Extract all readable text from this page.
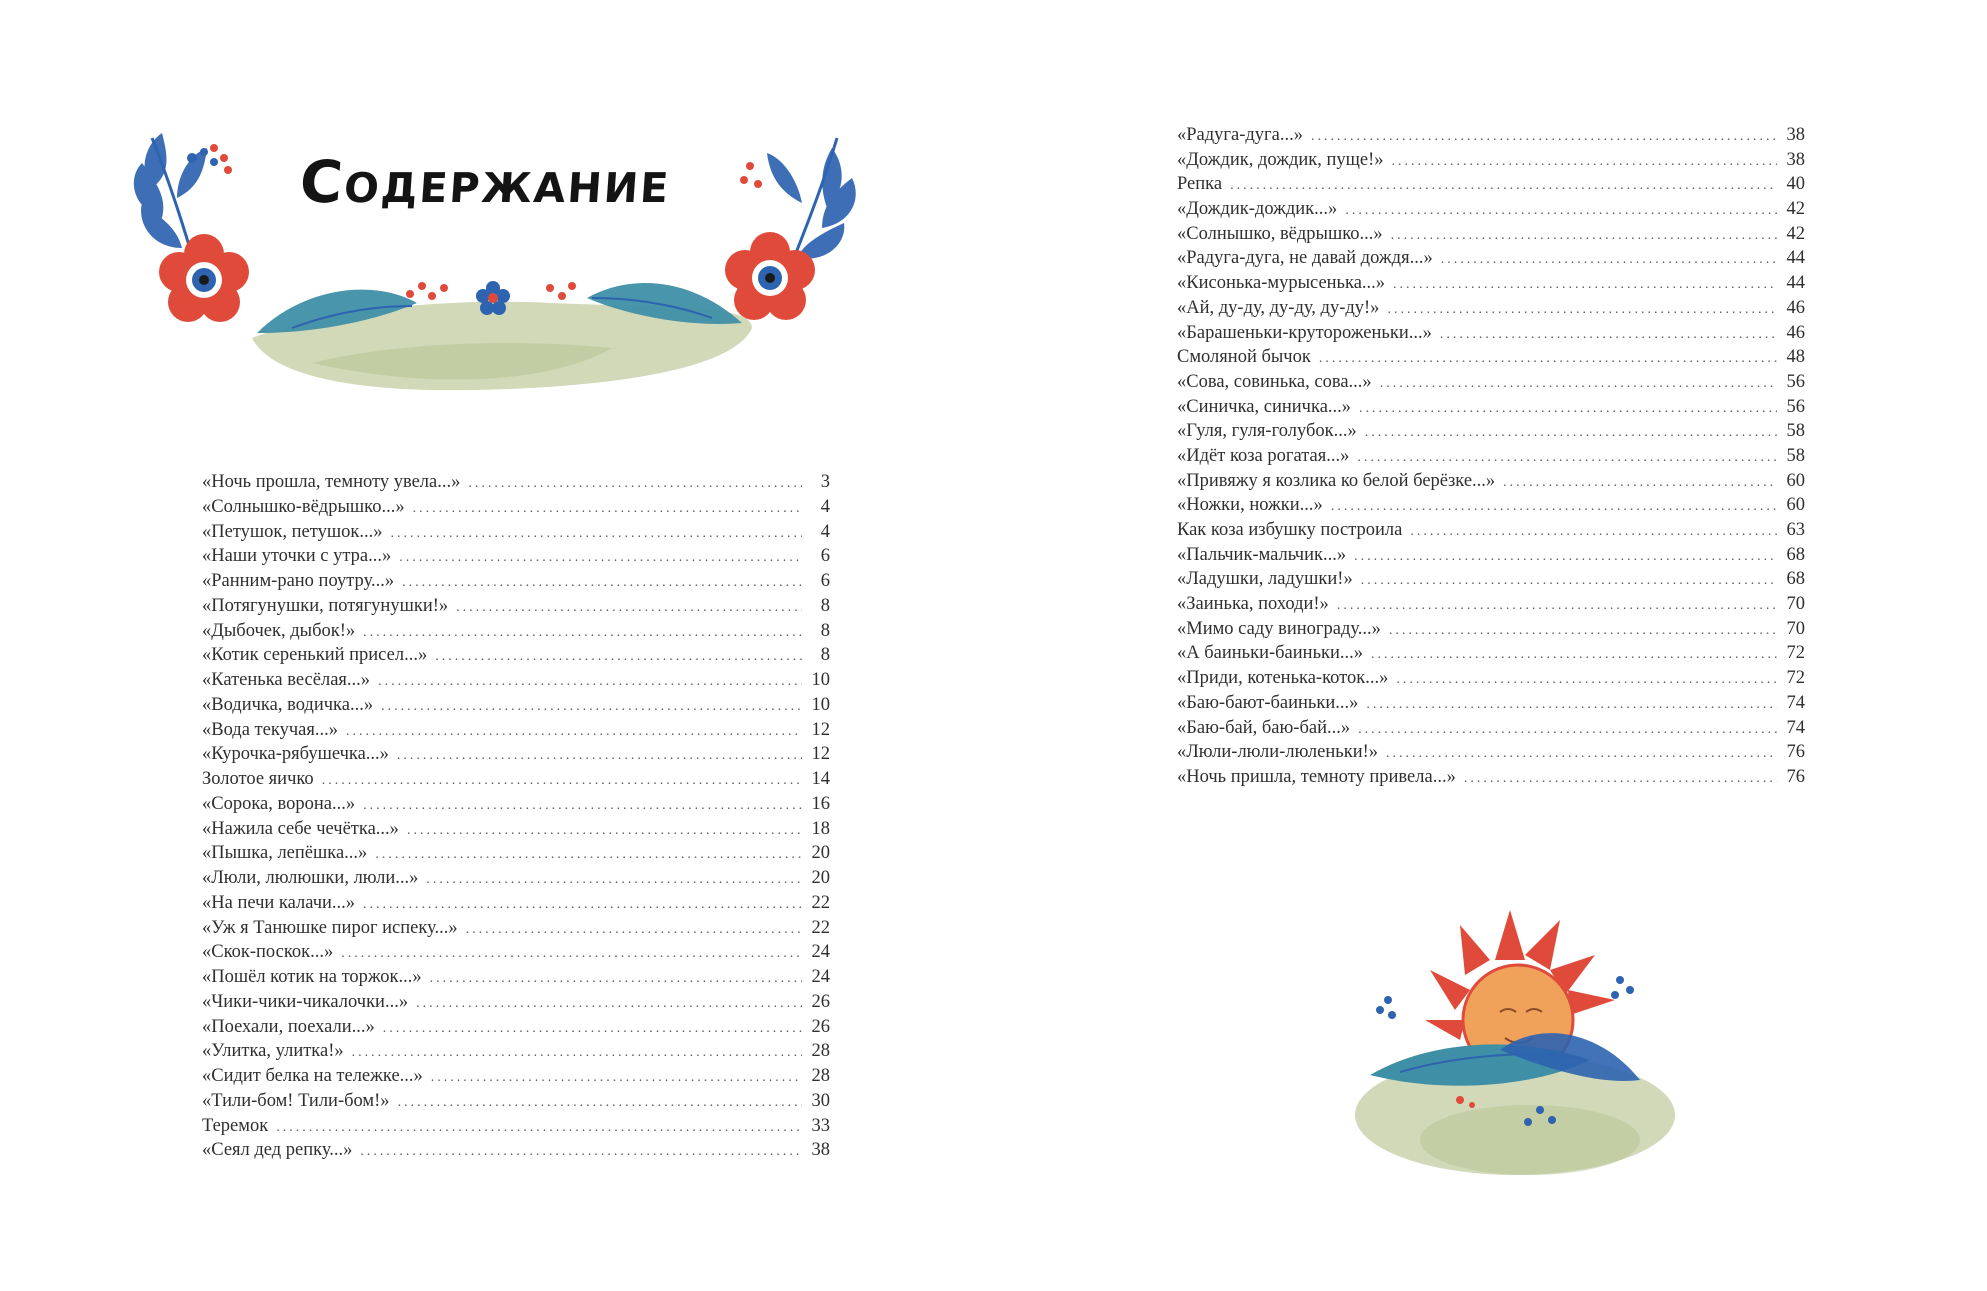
Содержание
«Ночь прошла, темноту увела...» .....	3
«Солнышко-вёдрышко...» .....	4
«Петушок, петушок...» .....	4
«Наши уточки с утра...» .....	6
«Ранним-рано поутру...» .....	6
«Потягунушки, потягунушки!» .....	8
«Дыбочек, дыбок!» .....	8
«Котик серенький присел...» .....	8
«Катенька весёлая...» .....	10
«Водичка, водичка...» .....	10
«Вода текучая...» .....	12
«Курочка-рябушечка...» .....	12
Золотое яичко .....	14
«Сорока, ворона...» .....	16
«Нажила себе чечётка...» .....	18
«Пышка, лепёшка...» .....	20
«Люли, люлюшки, люли...» .....	20
«На печи калачи...» .....	22
«Уж я Танюшке пирог испеку...» .....	22
«Скок-поскок...» .....	24
«Пошёл котик на торжок...» .....	24
«Чики-чики-чикалочки...» .....	26
«Поехали, поехали...» .....	26
«Улитка, улитка!» .....	28
«Сидит белка на тележке...» .....	28
«Тили-бом! Тили-бом!» .....	30
Теремок .....	33
«Сеял дед репку...» .....	38
«Радуга-дуга...» .....	38
«Дождик, дождик, пуще!» .....	38
Репка .....	40
«Дождик-дождик...» .....	42
«Солнышко, вёдрышко...» .....	42
«Радуга-дуга, не давай дождя...» .....	44
«Кисонька-мурысенька...» .....	44
«Ай, ду-ду, ду-ду, ду-ду!» .....	46
«Барашеньки-крутороженьки...» .....	46
Смоляной бычок .....	48
«Сова, совинька, сова...» .....	56
«Синичка, синичка...» .....	56
«Гуля, гуля-голубок...» .....	58
«Идёт коза рогатая...» .....	58
«Привяжу я козлика ко белой берёзке...» .....	60
«Ножки, ножки...» .....	60
Как коза избушку построила .....	63
«Пальчик-мальчик...» .....	68
«Ладушки, ладушки!» .....	68
«Заинька, походи!» .....	70
«Мимо саду винограду...» .....	70
«А баиньки-баиньки...» .....	72
«Приди, котенька-коток...» .....	72
«Баю-бают-баиньки...» .....	74
«Баю-бай, баю-бай...» .....	74
«Люли-люли-люленьки!» .....	76
«Ночь пришла, темноту привела...» .....	76
